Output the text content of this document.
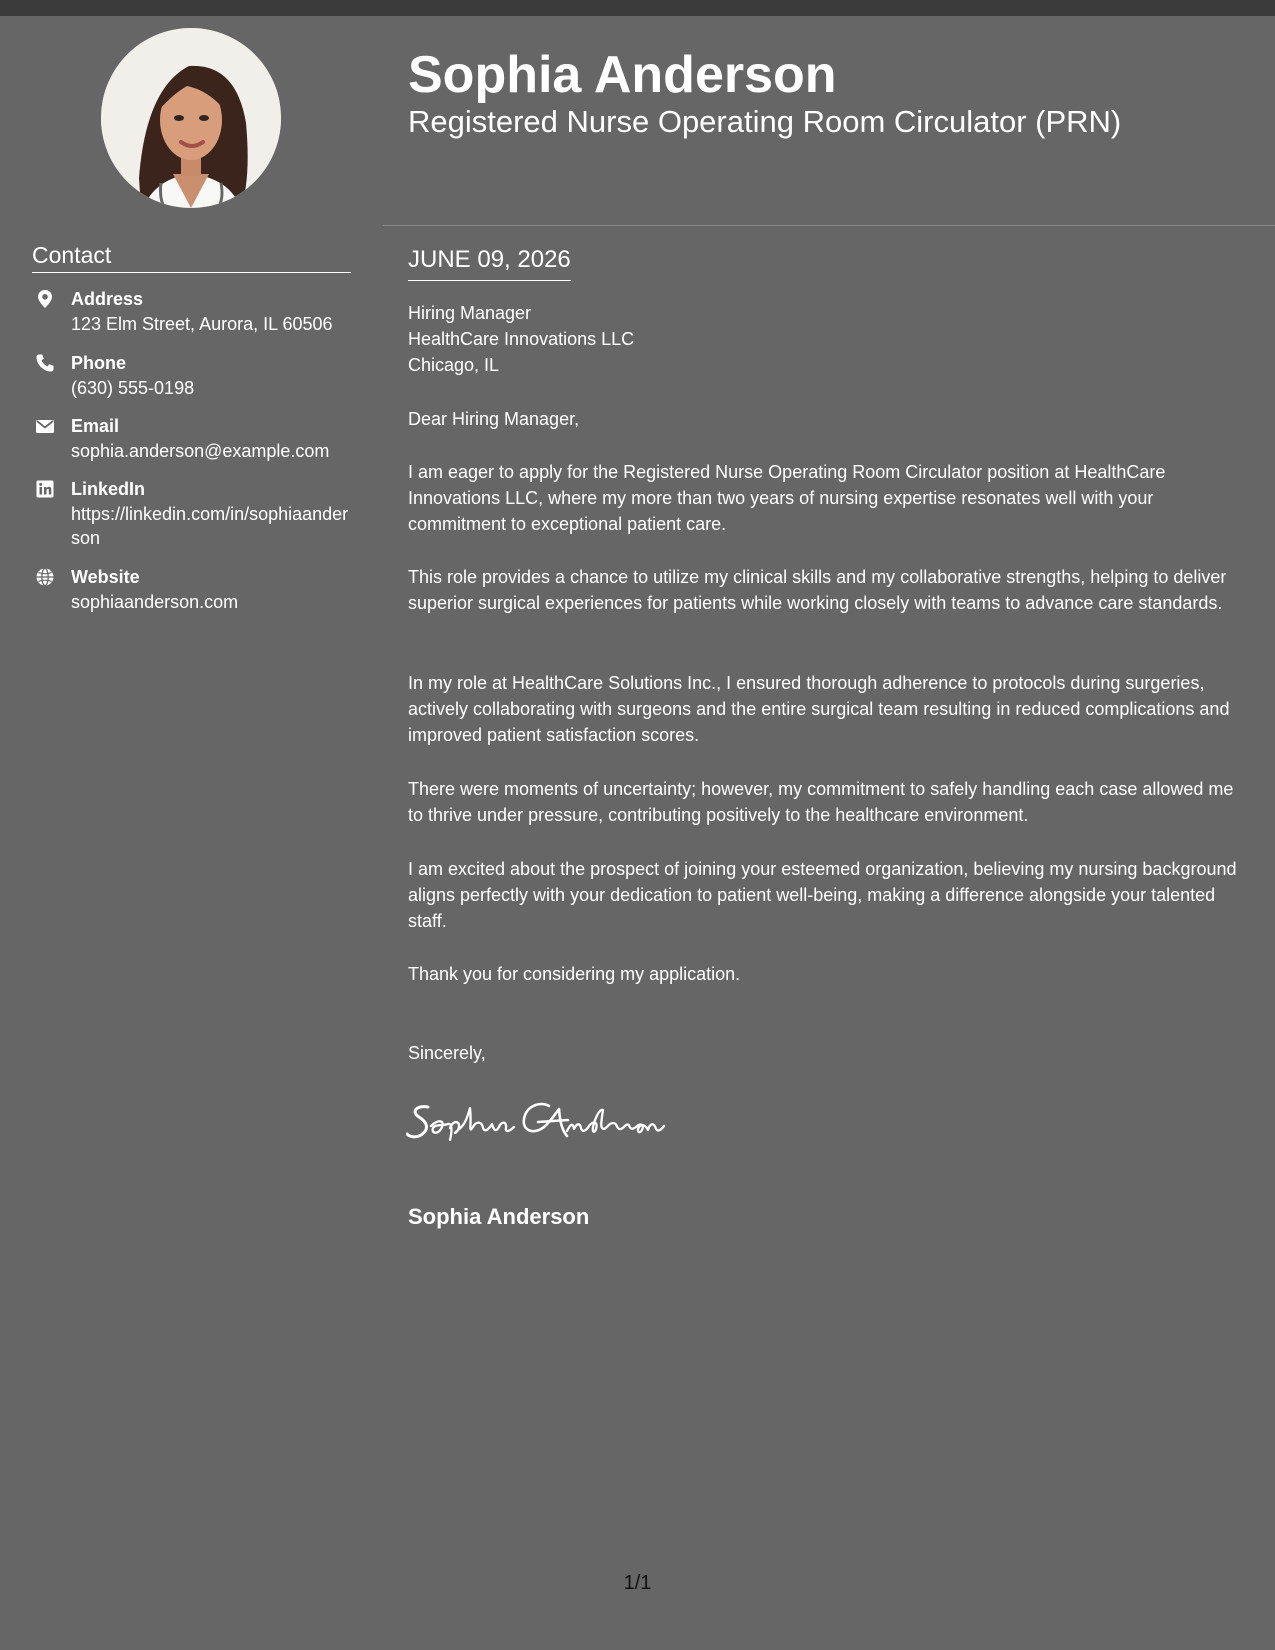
Contact
Address
123 Elm Street, Aurora, IL 60506
Phone
(630) 555-0198
Email
sophia.anderson@example.com
LinkedIn
https://linkedin.com/in/sophiaanderson
Website
sophiaanderson.com
Sophia Anderson
Registered Nurse Operating Room Circulator (PRN)
JUNE 09, 2026
Hiring Manager
HealthCare Innovations LLC
Chicago, IL
Dear Hiring Manager,
I am eager to apply for the Registered Nurse Operating Room Circulator position at HealthCare Innovations LLC, where my more than two years of nursing expertise resonates well with your commitment to exceptional patient care.
This role provides a chance to utilize my clinical skills and my collaborative strengths, helping to deliver superior surgical experiences for patients while working closely with teams to advance care standards.
In my role at HealthCare Solutions Inc., I ensured thorough adherence to protocols during surgeries, actively collaborating with surgeons and the entire surgical team resulting in reduced complications and improved patient satisfaction scores.
There were moments of uncertainty; however, my commitment to safely handling each case allowed me to thrive under pressure, contributing positively to the healthcare environment.
I am excited about the prospect of joining your esteemed organization, believing my nursing background aligns perfectly with your dedication to patient well-being, making a difference alongside your talented staff.
Thank you for considering my application.
Sincerely,
Sophia Anderson
1/1
